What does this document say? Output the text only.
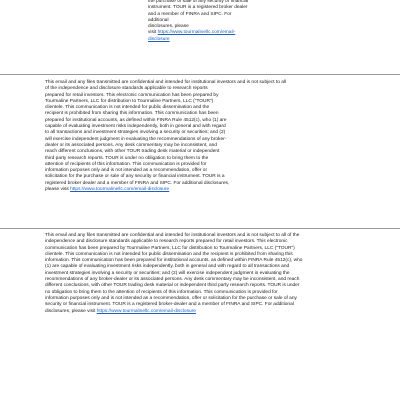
the purchase or sale of any security or financial
instrument. TOUR is a registered broker dealer
and a member of FINRA and SIPC. For additional
disclosures, please
visit https://www.tourmalinellc.com/email-
disclosure
This email and any files transmitted are confidential and intended for institutional investors and is not subject to all
of the independence and disclosure standards applicable to research reports
prepared for retail investors. This electronic communication has been prepared by
Tourmaline Partners, LLC for distribution to Tourmaline Partners, LLC ("TOUR")
clientele. This communication is not intended for public dissemination and the
recipient is prohibited from sharing this information. This communication has been
prepared for institutional accounts, as defined within FINRA Rule 4512(c), who (1) are
capable of evaluating investment risks independently, both in general and with regard
to all transactions and investment strategies involving a security or securities; and (2)
will exercise independent judgment in evaluating the recommendations of any broker-
dealer or its associated persons. Any desk commentary may be inconsistent, and
reach different conclusions, with other TOUR trading desk material or independent
third party research reports. TOUR is under no obligation to bring them to the
attention of recipients of this information. This communication is provided for
information purposes only and is not intended as a recommendation, offer or
solicitation for the purchase or sale of any security or financial instrument. TOUR is a
registered broker dealer and a member of FINRA and SIPC. For additional disclosures,
please visit https://www.tourmalinellc.com/email-disclosure
This email and any files transmitted are confidential and intended for institutional investors and is not subject to all of the
independence and disclosure standards applicable to research reports prepared for retail investors. This electronic
communication has been prepared by Tourmaline Partners, LLC for distribution to Tourmaline Partners, LLC ("TOUR")
clientele. This communication is not intended for public dissemination and the recipient is prohibited from sharing this
information. This communication has been prepared for institutional accounts, as defined within FINRA Rule 4512(c), who
(1) are capable of evaluating investment risks independently, both in general and with regard to all transactions and
investment strategies involving a security or securities; and (2) will exercise independent judgment in evaluating the
recommendations of any broker-dealer or its associated persons. Any desk commentary may be inconsistent, and reach
different conclusions, with other TOUR trading desk material or independent third party research reports. TOUR is under
no obligation to bring them to the attention of recipients of this information. This communication is provided for
information purposes only and is not intended as a recommendation, offer or solicitation for the purchase or sale of any
security or financial instrument. TOUR is a registered broker-dealer and a member of FINRA and SIPC. For additional
disclosures, please visit https://www.tourmalinellc.com/email-disclosure
